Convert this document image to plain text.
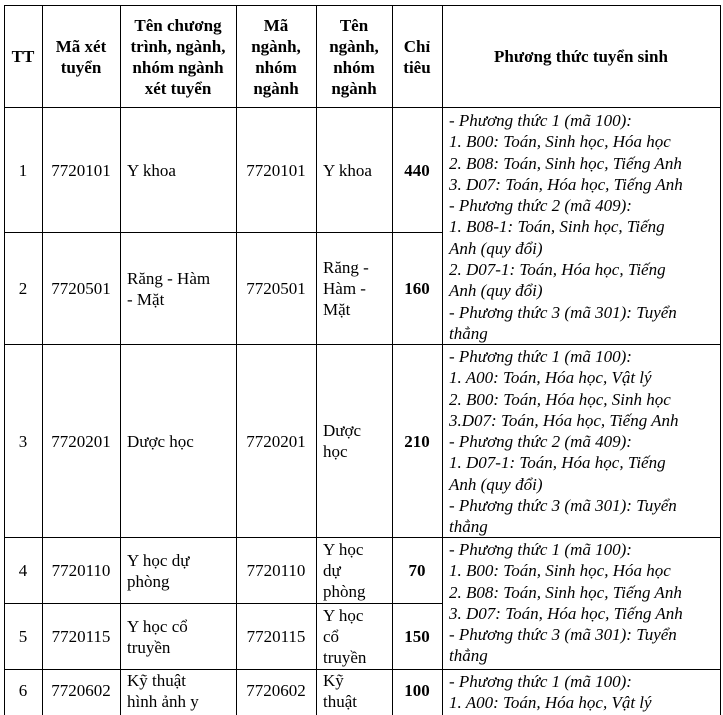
TT
Mã xét
tuyển
Tên chương
trình, ngành,
nhóm ngành
xét tuyển
Mã
ngành,
nhóm
ngành
Tên
ngành,
nhóm
ngành
Chỉ
tiêu
Phương thức tuyển sinh
1 7720101 Y khoa	7720101 Y khoa 440
2 7720501
Răng - Hàm
- Mặt
7720501
Răng -
Hàm -
Mặt
160
3 7720201 Dược học	7720201
Dược
học
210
4 7720110
Y học dự
phòng
7720110
Y học
dự
phòng
70
5 7720115
Y học cổ
truyền
7720115
Y học
cổ
truyền
150
6 7720602 Kỹ thuật
hình ảnh y
7720602 Kỹ
thuật
100
- Phương thức 1 (mã 100):
1. B00: Toán, Sinh học, Hóa học
2. B08: Toán, Sinh học, Tiếng Anh
3. D07: Toán, Hóa học, Tiếng Anh
- Phương thức 2 (mã 409):
1. B08-1: Toán, Sinh học, Tiếng
Anh (quy đổi)
2. D07-1: Toán, Hóa học, Tiếng
Anh (quy đổi)
- Phương thức 3 (mã 301): Tuyển
thẳng
- Phương thức 1 (mã 100):
1. A00: Toán, Hóa học, Vật lý
2. B00: Toán, Hóa học, Sinh học
3.D07: Toán, Hóa học, Tiếng Anh
- Phương thức 2 (mã 409):
1. D07-1: Toán, Hóa học, Tiếng
Anh (quy đổi)
- Phương thức 3 (mã 301): Tuyển
thẳng
- Phương thức 1 (mã 100):
1. B00: Toán, Sinh học, Hóa học
2. B08: Toán, Sinh học, Tiếng Anh
3. D07: Toán, Hóa học, Tiếng Anh
- Phương thức 3 (mã 301): Tuyển
thẳng
- Phương thức 1 (mã 100):
1. A00: Toán, Hóa học, Vật lý
